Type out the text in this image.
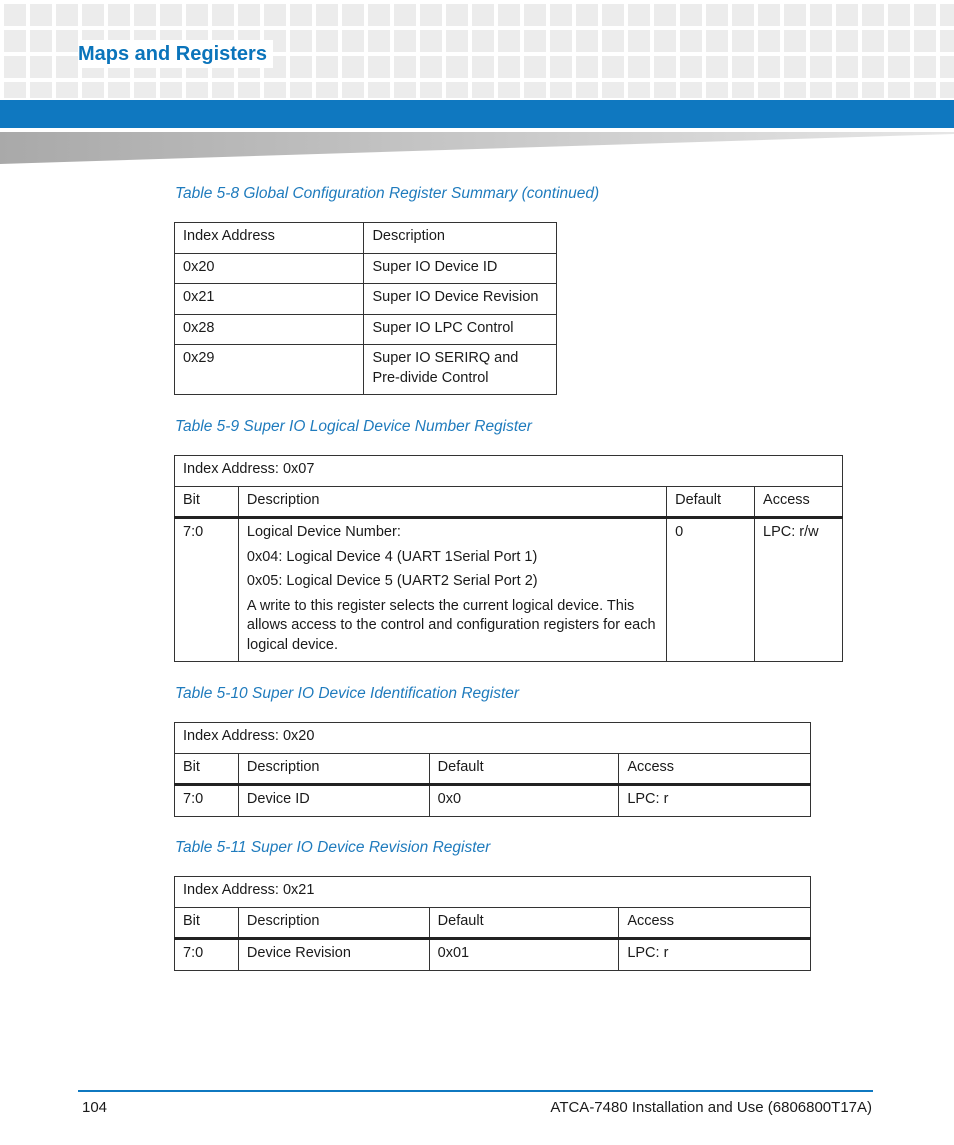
Maps and Registers
Table 5-8 Global Configuration Register Summary (continued)
Index Address	Description
0x20	Super IO Device ID
0x21	Super IO Device Revision
0x28	Super IO LPC Control
0x29	Super IO SERIRQ and Pre-divide Control
Table 5-9 Super IO Logical Device Number Register
Index Address: 0x07			
Bit	Description	Default	Access
7:0	Logical Device Number:
0x04: Logical Device 4 (UART 1Serial Port 1)
0x05: Logical Device 5 (UART2 Serial Port 2)
A write to this register selects the current logical device. This allows access to the control and configuration registers for each logical device.	0	LPC: r/w
Table 5-10 Super IO Device Identification Register
Index Address: 0x20			
Bit	Description	Default	Access
7:0	Device ID	0x0	LPC: r
Table 5-11 Super IO Device Revision Register
Index Address: 0x21			
Bit	Description	Default	Access
7:0	Device Revision	0x01	LPC: r
104	ATCA-7480 Installation and Use (6806800T17A)
